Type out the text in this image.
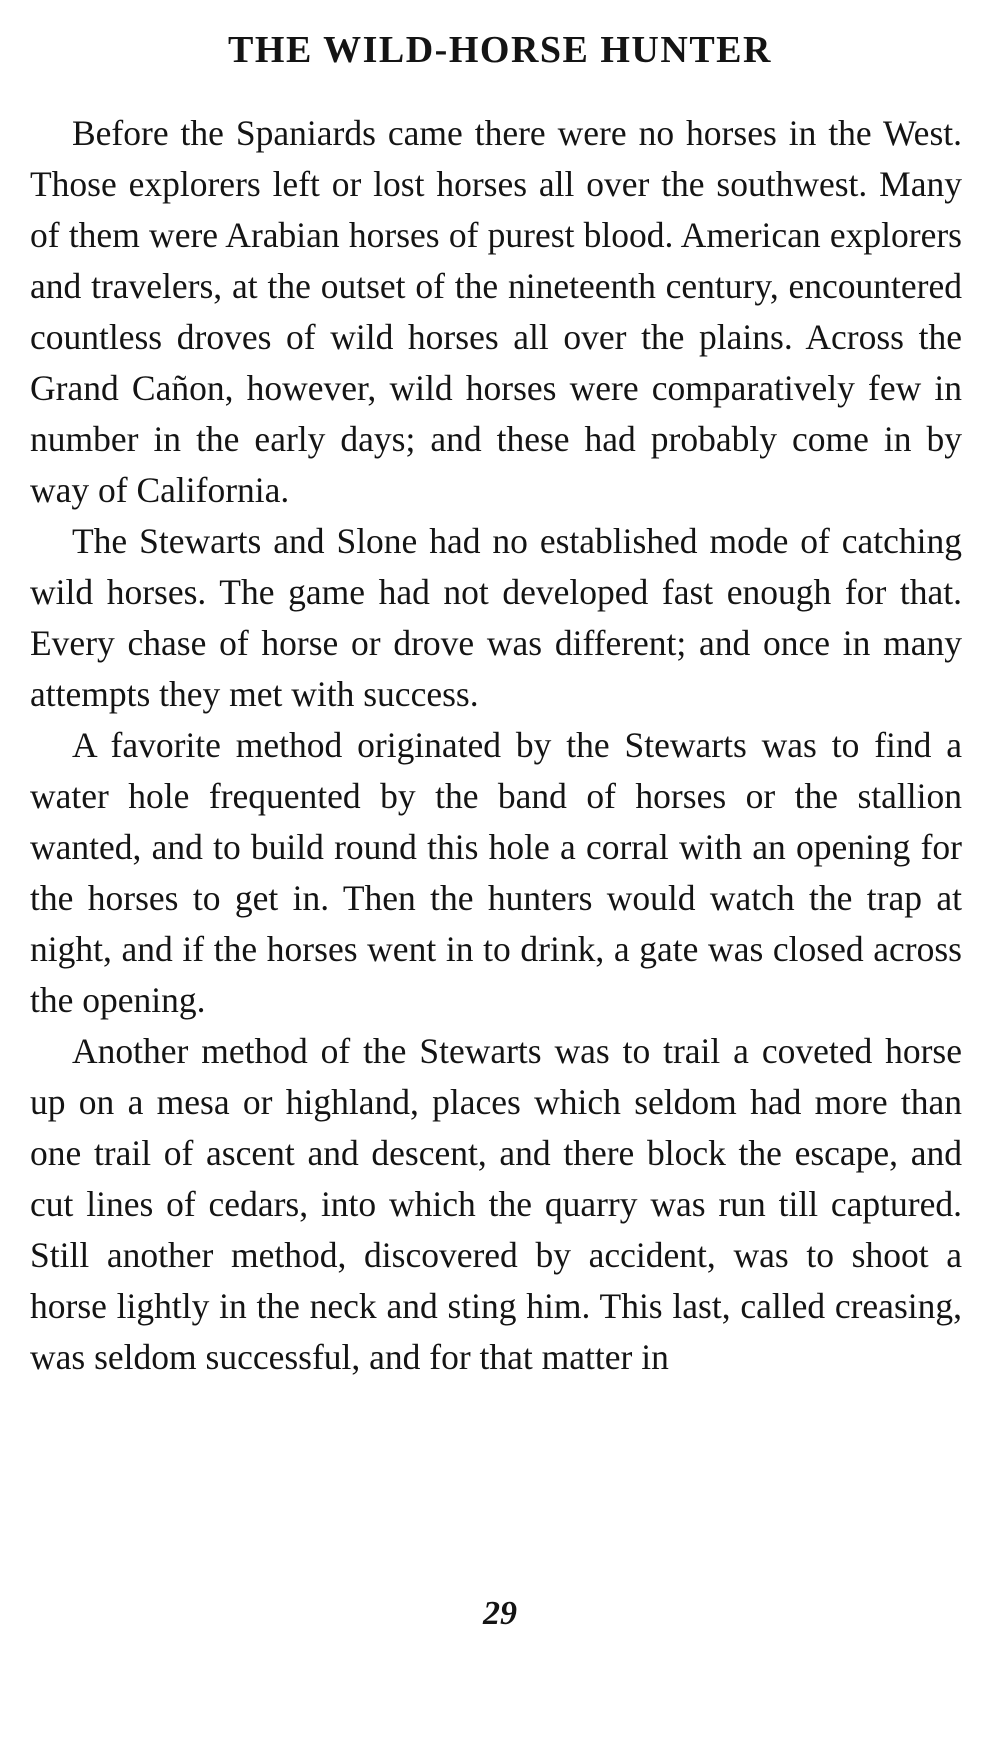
THE WILD-HORSE HUNTER

Before the Spaniards came there were no horses in the West. Those explorers left or lost horses all over the southwest. Many of them were Arabian horses of purest blood. American explorers and travelers, at the outset of the nineteenth century, encountered countless droves of wild horses all over the plains. Across the Grand Cañon, however, wild horses were comparatively few in number in the early days; and these had probably come in by way of California.

The Stewarts and Slone had no established mode of catching wild horses. The game had not developed fast enough for that. Every chase of horse or drove was different; and once in many attempts they met with success.

A favorite method originated by the Stewarts was to find a water hole frequented by the band of horses or the stallion wanted, and to build round this hole a corral with an opening for the horses to get in. Then the hunters would watch the trap at night, and if the horses went in to drink, a gate was closed across the opening.

Another method of the Stewarts was to trail a coveted horse up on a mesa or highland, places which seldom had more than one trail of ascent and descent, and there block the escape, and cut lines of cedars, into which the quarry was run till captured. Still another method, discovered by accident, was to shoot a horse lightly in the neck and sting him. This last, called creasing, was seldom successful, and for that matter in

29
